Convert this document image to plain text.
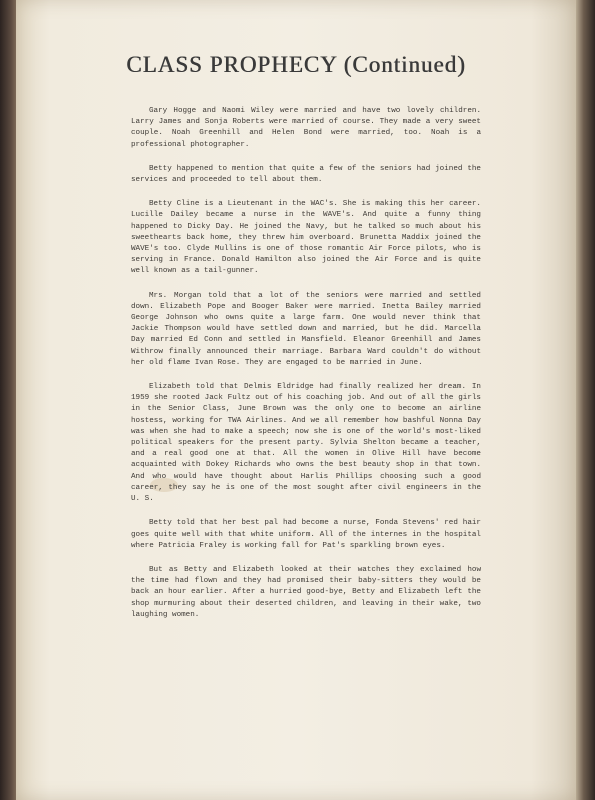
CLASS PROPHECY (Continued)

Gary Hogge and Naomi Wiley were married and have two lovely children. Larry James and Sonja Roberts were married of course. They made a very sweet couple. Noah Greenhill and Helen Bond were married, too. Noah is a professional photographer.

Betty happened to mention that quite a few of the seniors had joined the services and proceeded to tell about them.

Betty Cline is a Lieutenant in the WAC's. She is making this her career. Lucille Dailey became a nurse in the WAVE's. And quite a funny thing happened to Dicky Day. He joined the Navy, but he talked so much about his sweethearts back home, they threw him overboard. Brunetta Maddix joined the WAVE's too. Clyde Mullins is one of those romantic Air Force pilots, who is serving in France. Donald Hamilton also joined the Air Force and is quite well known as a tail-gunner.

Mrs. Morgan told that a lot of the seniors were married and settled down. Elizabeth Pope and Booger Baker were married. Inetta Bailey married George Johnson who owns quite a large farm. One would never think that Jackie Thompson would have settled down and married, but he did. Marcella Day married Ed Conn and settled in Mansfield. Eleanor Greenhill and James Withrow finally announced their marriage. Barbara Ward couldn't do without her old flame Ivan Rose. They are engaged to be married in June.

Elizabeth told that Delmis Eldridge had finally realized her dream. In 1959 she rooted Jack Fultz out of his coaching job. And out of all the girls in the Senior Class, June Brown was the only one to become an airline hostess, working for TWA Airlines. And we all remember how bashful Nonna Day was when she had to make a speech; now she is one of the world's most-liked political speakers for the present party. Sylvia Shelton became a teacher, and a real good one at that. All the women in Olive Hill have become acquainted with Dokey Richards who owns the best beauty shop in that town. And who would have thought about Harlis Phillips choosing such a good career, they say he is one of the most sought after civil engineers in the U. S.

Betty told that her best pal had become a nurse, Fonda Stevens' red hair goes quite well with that white uniform. All of the internes in the hospital where Patricia Fraley is working fall for Pat's sparkling brown eyes.

But as Betty and Elizabeth looked at their watches they exclaimed how the time had flown and they had promised their baby-sitters they would be back an hour earlier. After a hurried good-bye, Betty and Elizabeth left the shop murmuring about their deserted children, and leaving in their wake, two laughing women.
